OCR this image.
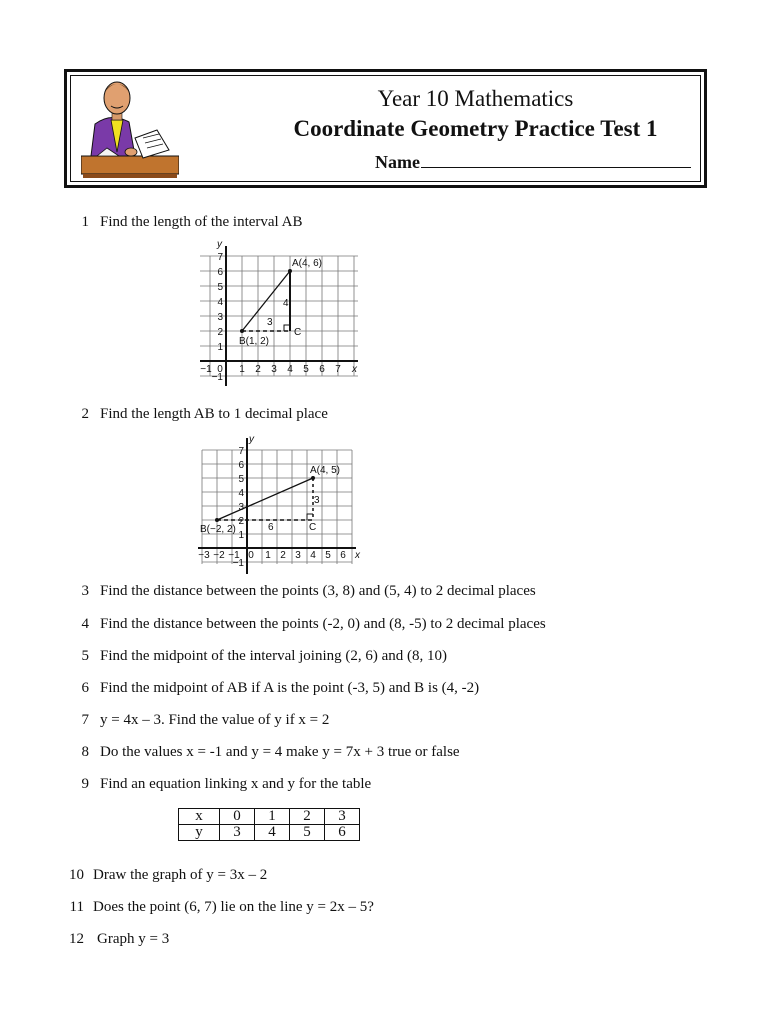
Year 10 Mathematics
Coordinate Geometry Practice Test 1
Name
1 Find the length of the interval AB
A(4, 6)
B(1, 2)
C
3
4
y
x
−1 0 1 2 3 4 5 6 7
7
6
5
4
3
2
1
−1
2 Find the length AB to 1 decimal place
A(4, 5)
B(−2, 2)	C
6
3
y
x
−3 −2 −1 0 1 2 3 4 5 6
7
6
5
4
3
2
1
−1
3 Find the distance between the points (3, 8) and (5, 4) to 2 decimal places
4 Find the distance between the points (-2, 0) and (8, -5) to 2 decimal places
5 Find the midpoint of the interval joining (2, 6) and (8, 10)
6 Find the midpoint of AB if A is the point (-3, 5) and B is (4, -2)
7 y = 4x – 3. Find the value of y if x = 2
8 Do the values x = -1 and y = 4 make y = 7x + 3 true or false
9 Find an equation linking x and y for the table
x	0	1	2	3
y	3	4	5	6
10 Draw the graph of y = 3x – 2
11 Does the point (6, 7) lie on the line y = 2x – 5?
12 Graph y = 3
